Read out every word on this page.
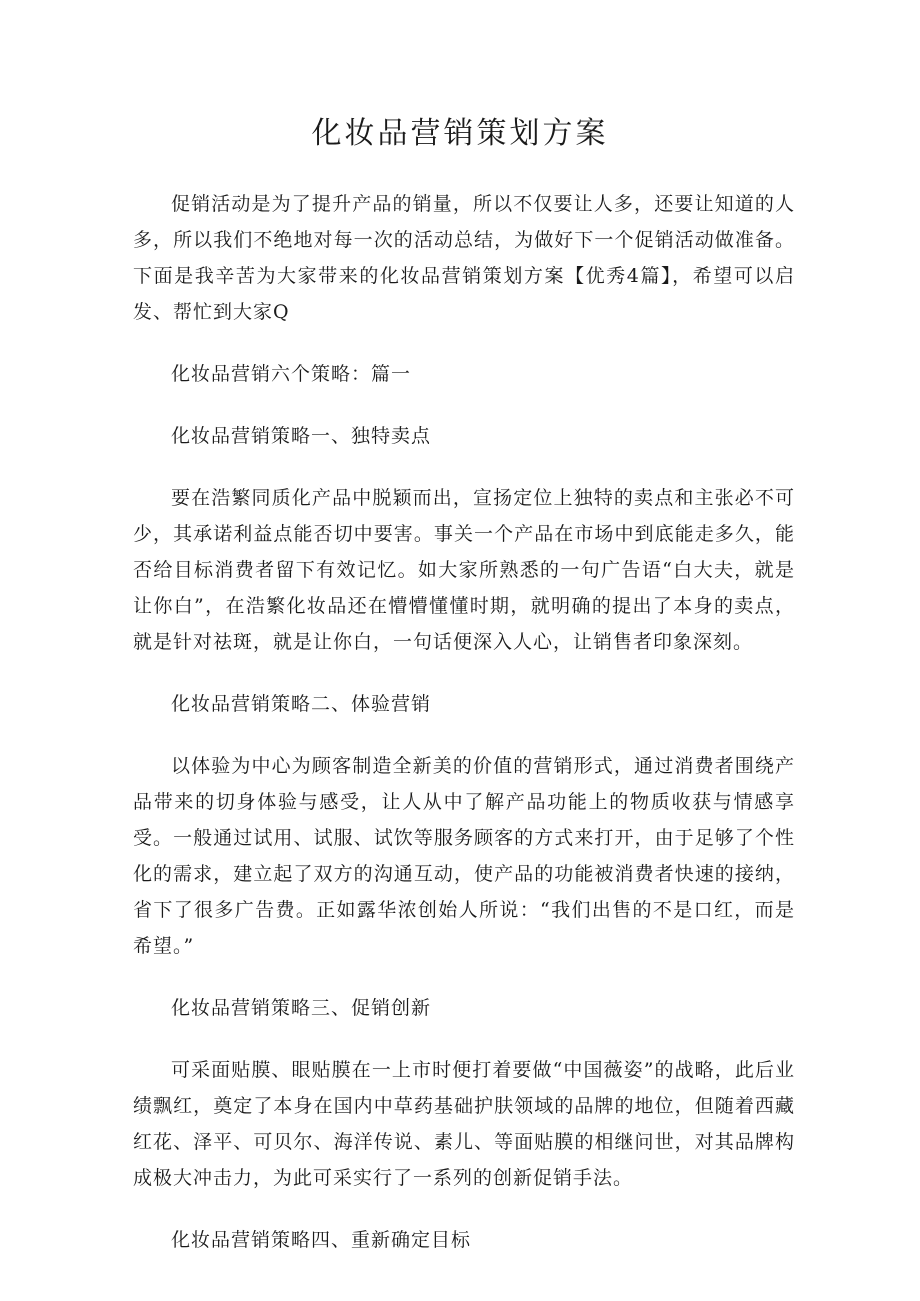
化妆品营销策划方案

促销活动是为了提升产品的销量，所以不仅要让人多，还要让知道的人多，所以我们不绝地对每一次的活动总结，为做好下一个促销活动做准备。下面是我辛苦为大家带来的化妆品营销策划方案【优秀4篇】，希望可以启发、帮忙到大家Q

化妆品营销六个策略：篇一

化妆品营销策略一、独特卖点

要在浩繁同质化产品中脱颖而出，宣扬定位上独特的卖点和主张必不可少，其承诺利益点能否切中要害。事关一个产品在市场中到底能走多久，能否给目标消费者留下有效记忆。如大家所熟悉的一句广告语“白大夫，就是让你白”，在浩繁化妆品还在懵懵懂懂时期，就明确的提出了本身的卖点，就是针对祛斑，就是让你白，一句话便深入人心，让销售者印象深刻。

化妆品营销策略二、体验营销

以体验为中心为顾客制造全新美的价值的营销形式，通过消费者围绕产品带来的切身体验与感受，让人从中了解产品功能上的物质收获与情感享受。一般通过试用、试服、试饮等服务顾客的方式来打开，由于足够了个性化的需求，建立起了双方的沟通互动，使产品的功能被消费者快速的接纳，省下了很多广告费。正如露华浓创始人所说：“我们出售的不是口红，而是希望。”

化妆品营销策略三、促销创新

可采面贴膜、眼贴膜在一上市时便打着要做“中国薇姿”的战略，此后业绩飘红，奠定了本身在国内中草药基础护肤领域的品牌的地位，但随着西藏红花、泽平、可贝尔、海洋传说、素儿、等面贴膜的相继问世，对其品牌构成极大冲击力，为此可采实行了一系列的创新促销手法。

化妆品营销策略四、重新确定目标
